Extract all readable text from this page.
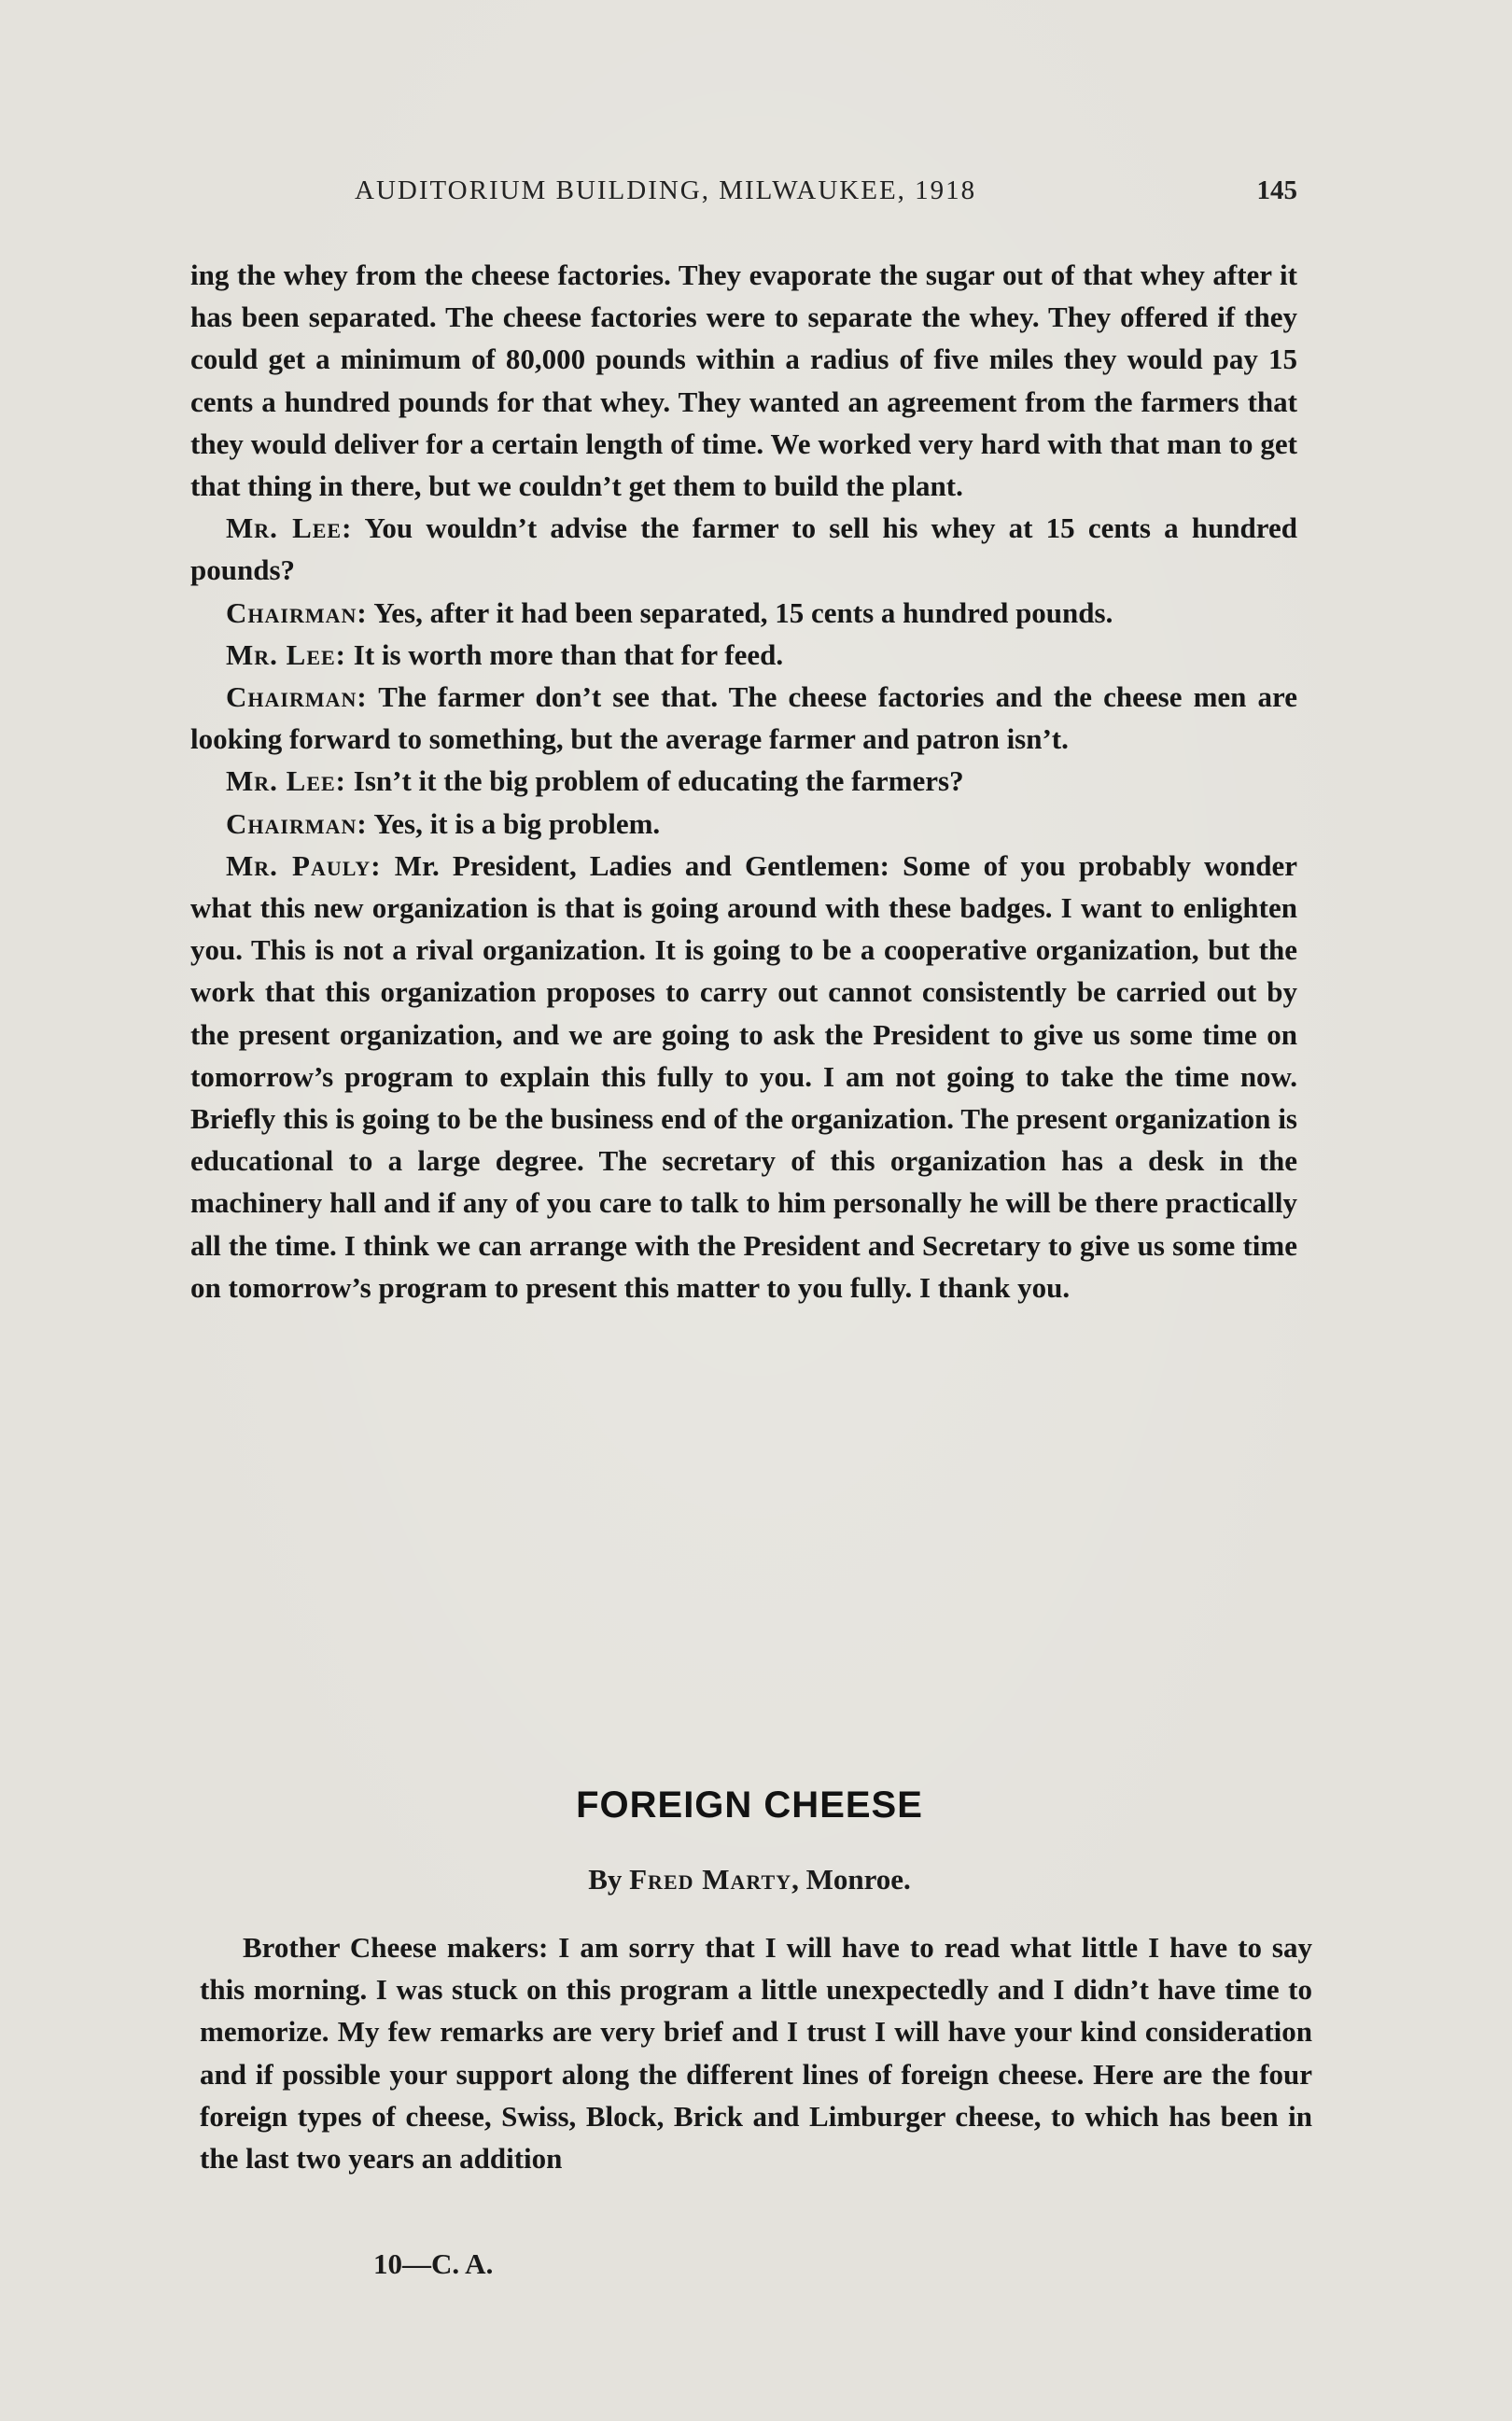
AUDITORIUM BUILDING, MILWAUKEE, 1918	145

ing the whey from the cheese factories. They evaporate the sugar out of that whey after it has been separated. The cheese factories were to separate the whey. They offered if they could get a minimum of 80,000 pounds within a radius of five miles they would pay 15 cents a hundred pounds for that whey. They wanted an agreement from the farmers that they would deliver for a certain length of time. We worked very hard with that man to get that thing in there, but we couldn’t get them to build the plant.

Mr. Lee: You wouldn’t advise the farmer to sell his whey at 15 cents a hundred pounds?

Chairman: Yes, after it had been separated, 15 cents a hundred pounds.

Mr. Lee: It is worth more than that for feed.

Chairman: The farmer don’t see that. The cheese factories and the cheese men are looking forward to something, but the average farmer and patron isn’t.

Mr. Lee: Isn’t it the big problem of educating the farmers?

Chairman: Yes, it is a big problem.

Mr. Pauly: Mr. President, Ladies and Gentlemen: Some of you probably wonder what this new organization is that is going around with these badges. I want to enlighten you. This is not a rival organization. It is going to be a cooperative organization, but the work that this organization proposes to carry out cannot consistently be carried out by the present organization, and we are going to ask the President to give us some time on tomorrow’s program to explain this fully to you. I am not going to take the time now. Briefly this is going to be the business end of the organization. The present organization is educational to a large degree. The secretary of this organization has a desk in the machinery hall and if any of you care to talk to him personally he will be there practically all the time. I think we can arrange with the President and Secretary to give us some time on tomorrow’s program to present this matter to you fully. I thank you.

FOREIGN CHEESE
By Fred Marty, Monroe.

Brother Cheese makers: I am sorry that I will have to read what little I have to say this morning. I was stuck on this program a little unexpectedly and I didn’t have time to memorize. My few remarks are very brief and I trust I will have your kind consideration and if possible your support along the different lines of foreign cheese. Here are the four foreign types of cheese, Swiss, Block, Brick and Limburger cheese, to which has been in the last two years an addition

10—C. A.
